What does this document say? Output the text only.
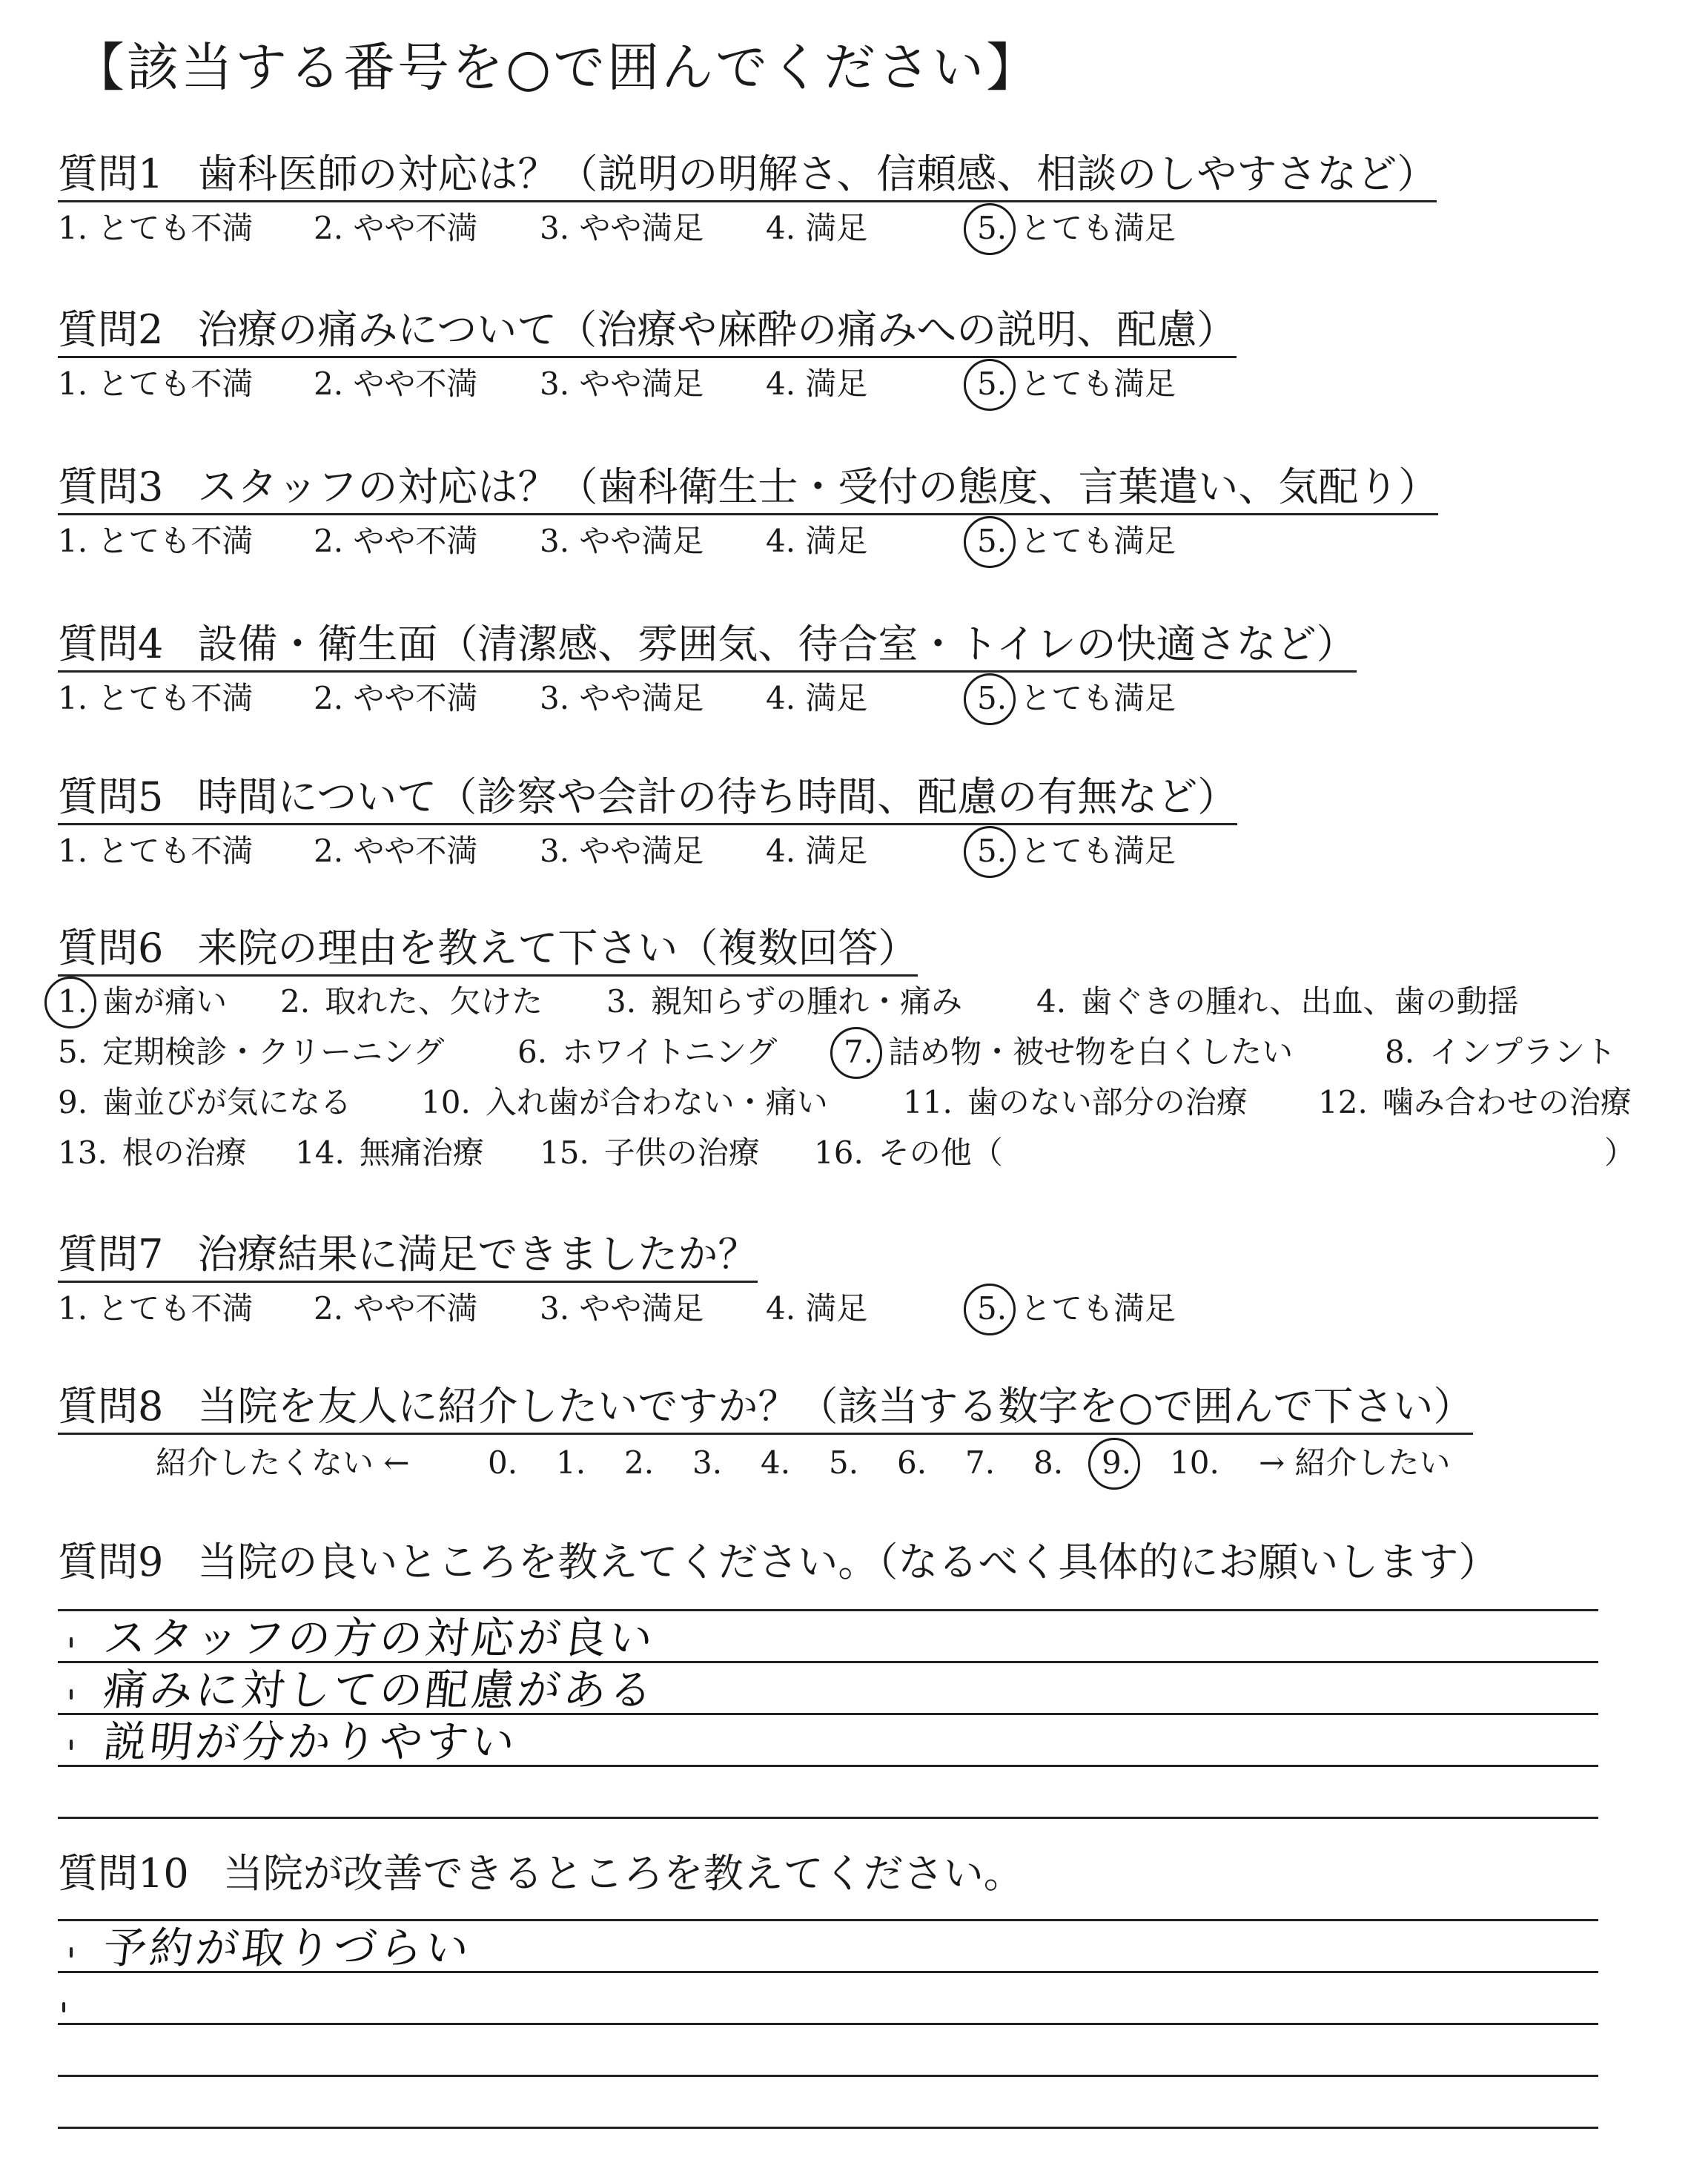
【該当する番号を○で囲んでください】
質問1 歯科医師の対応は？（説明の明解さ、信頼感、相談のしやすさなど）
1. とても不満 2. やや不満 3. やや満足 4. 満足	5. とても満足
質問2 治療の痛みについて（治療や麻酔の痛みへの説明、配慮）
1. とても不満 2. やや不満 3. やや満足 4. 満足	5. とても満足
質問3 スタッフの対応は？（歯科衛生士・受付の態度、言葉遣い、気配り）
1. とても不満 2. やや不満 3. やや満足 4. 満足	5. とても満足
質問4 設備・衛生面（清潔感、雰囲気、待合室・トイレの快適さなど）
1. とても不満 2. やや不満 3. やや満足 4. 満足	5. とても満足
質問5 時間について（診察や会計の待ち時間、配慮の有無など）
1. とても不満 2. やや不満 3. やや満足 4. 満足	5. とても満足
質問6 来院の理由を教えて下さい（複数回答）
1. 歯が痛い 2. 取れた、欠けた 3. 親知らずの腫れ・痛み 4. 歯ぐきの腫れ、出血、歯の動揺
5. 定期検診・クリーニング 6. ホワイトニング 7. 詰め物・被せ物を白くしたい	8. インプラント
9. 歯並びが気になる 10. 入れ歯が合わない・痛い 11. 歯のない部分の治療 12. 噛み合わせの治療
13. 根の治療 14. 無痛治療 15. 子供の治療 16. その他（	）
質問7 治療結果に満足できましたか？
1. とても不満 2. やや不満 3. やや満足 4. 満足	5. とても満足
質問8 当院を友人に紹介したいですか？（該当する数字を○で囲んで下さい）
紹介したくない ←	0. 1. 2. 3. 4. 5. 6. 7. 8. 9.	10. → 紹介したい
質問9 当院の良いところを教えてください。（なるべく具体的にお願いします）
スタッフの方の対応が良い
痛みに対しての配慮がある
説明が分かりやすい
質問10 当院が改善できるところを教えてください。
予約が取りづらい
